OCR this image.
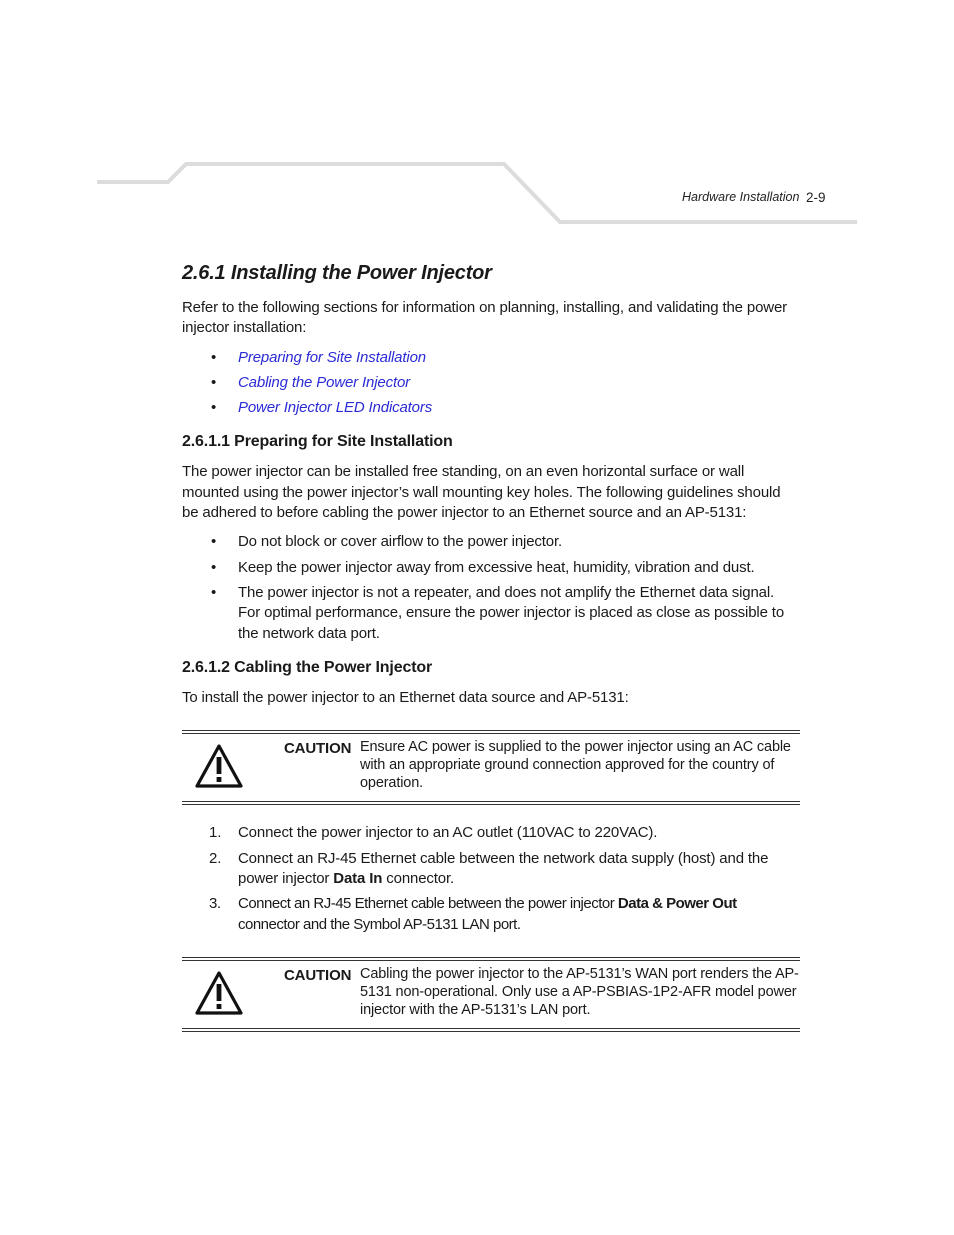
Hardware Installation 2-9
2.6.1 Installing the Power Injector

Refer to the following sections for information on planning, installing, and validating the power injector installation:

• Preparing for Site Installation
• Cabling the Power Injector
• Power Injector LED Indicators
2.6.1.1 Preparing for Site Installation

The power injector can be installed free standing, on an even horizontal surface or wall mounted using the power injector’s wall mounting key holes. The following guidelines should be adhered to before cabling the power injector to an Ethernet source and an AP-5131:

• Do not block or cover airflow to the power injector.
• Keep the power injector away from excessive heat, humidity, vibration and dust.
• The power injector is not a repeater, and does not amplify the Ethernet data signal. For optimal performance, ensure the power injector is placed as close as possible to the network data port.
2.6.1.2 Cabling the Power Injector

To install the power injector to an Ethernet data source and AP-5131:

CAUTION Ensure AC power is supplied to the power injector using an AC cable with an appropriate ground connection approved for the country of operation.
1. Connect the power injector to an AC outlet (110VAC to 220VAC).
2. Connect an RJ-45 Ethernet cable between the network data supply (host) and the power injector Data In connector.
3. Connect an RJ-45 Ethernet cable between the power injector Data & Power Out connector and the Symbol AP-5131 LAN port.
CAUTION Cabling the power injector to the AP-5131’s WAN port renders the AP-5131 non-operational. Only use a AP-PSBIAS-1P2-AFR model power injector with the AP-5131’s LAN port.
